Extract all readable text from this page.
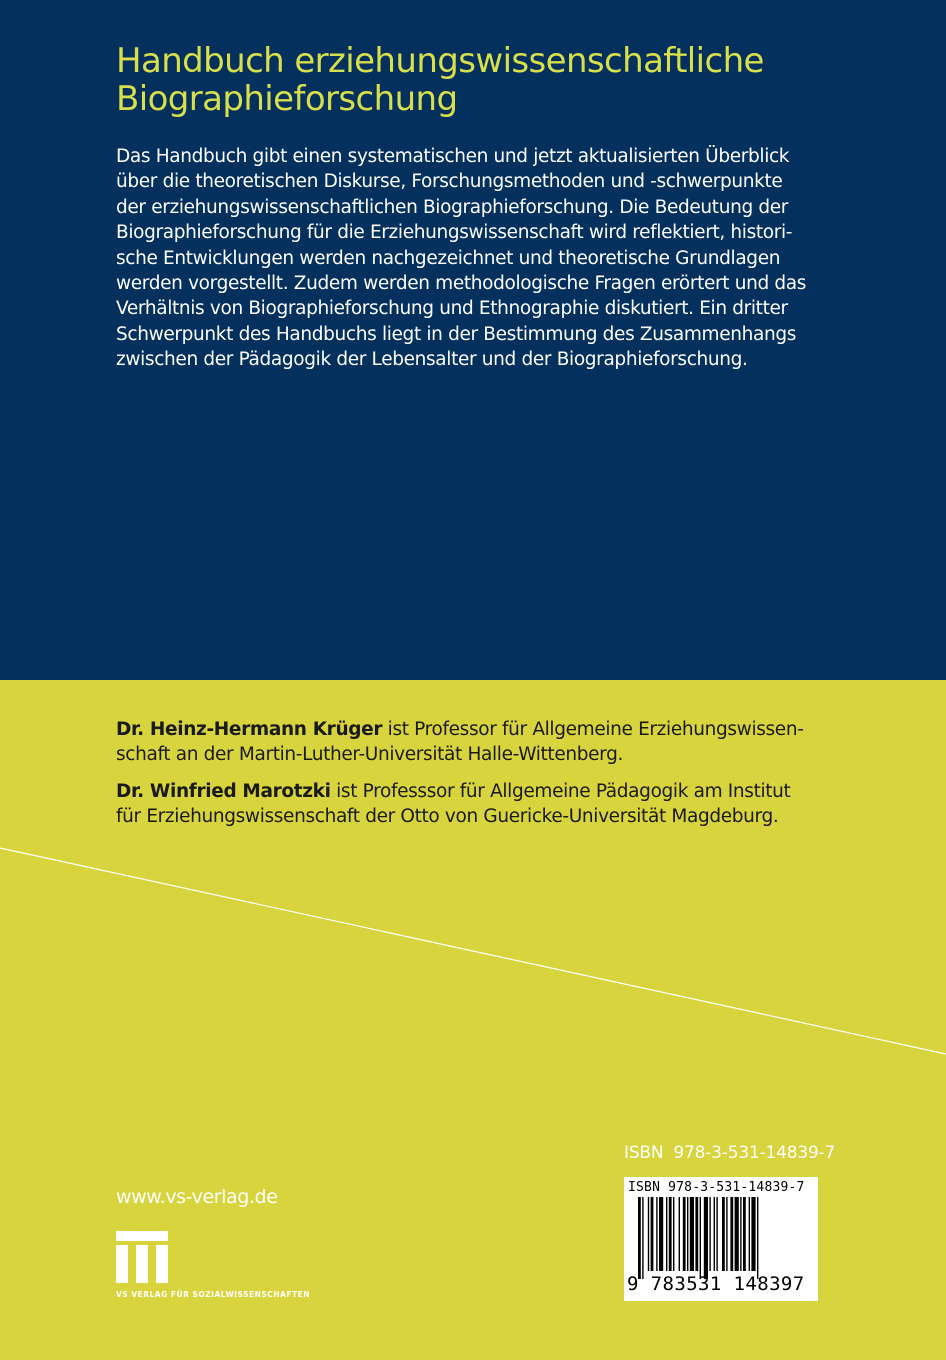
Handbuch erziehungswissenschaftliche
Biographieforschung
Das Handbuch gibt einen systematischen und jetzt aktualisierten Überblick
über die theoretischen Diskurse, Forschungsmethoden und -schwerpunkte
der erziehungswissenschaftlichen Biographieforschung. Die Bedeutung der
Biographieforschung für die Erziehungswissenschaft wird reflektiert, histori-
sche Entwicklungen werden nachgezeichnet und theoretische Grundlagen
werden vorgestellt. Zudem werden methodologische Fragen erörtert und das
Verhältnis von Biographieforschung und Ethnographie diskutiert. Ein dritter
Schwerpunkt des Handbuchs liegt in der Bestimmung des Zusammenhangs
zwischen der Pädagogik der Lebensalter und der Biographieforschung.
Dr. Heinz-Hermann Krüger ist Professor für Allgemeine Erziehungswissen-
schaft an der Martin-Luther-Universität Halle-Wittenberg.
Dr. Winfried Marotzki ist Professsor für Allgemeine Pädagogik am Institut
für Erziehungswissenschaft der Otto von Guericke-Universität Magdeburg.
ISBN 978-3-531-14839-7
ISBN 978-3-531-14839-7
9 783531 148397
www.vs-verlag.de
VS VERLAG FÜR SOZIALWISSENSCHAFTEN
